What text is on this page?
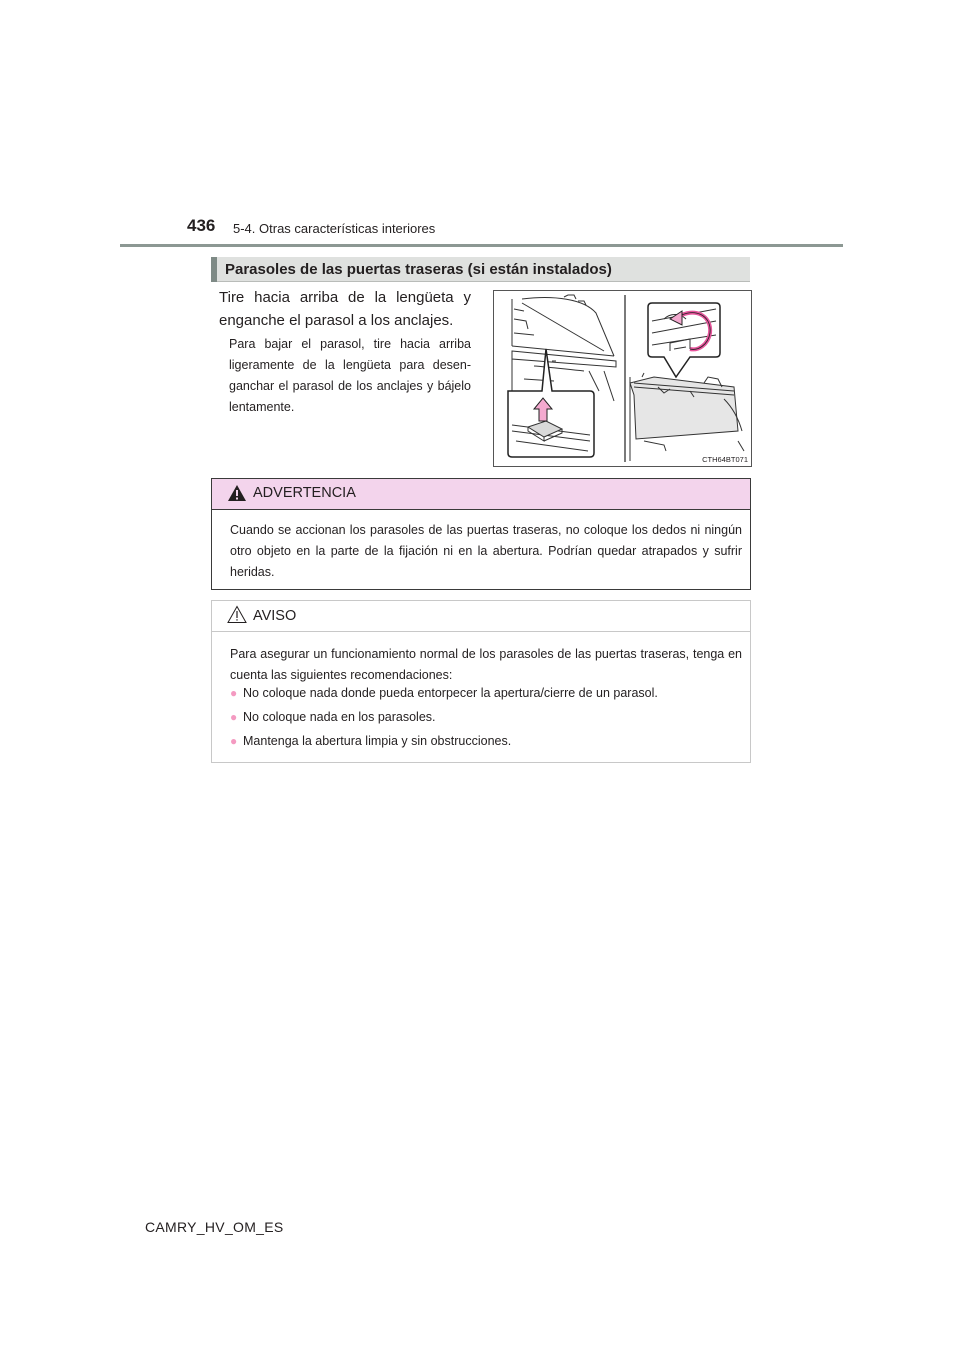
436 5-4. Otras características interiores
Parasoles de las puertas traseras (si están instalados)
Tire hacia arriba de la lengüeta y enganche el parasol a los anclajes.
Para bajar el parasol, tire hacia arriba ligeramente de la lengüeta para desenganchar el parasol de los anclajes y bájelo lentamente.
CTH64BT071
ADVERTENCIA
Cuando se accionan los parasoles de las puertas traseras, no coloque los dedos ni ningún otro objeto en la parte de la fijación ni en la abertura. Podrían quedar atrapados y sufrir heridas.
AVISO
Para asegurar un funcionamiento normal de los parasoles de las puertas traseras, tenga en cuenta las siguientes recomendaciones:
● No coloque nada donde pueda entorpecer la apertura/cierre de un parasol.
● No coloque nada en los parasoles.
● Mantenga la abertura limpia y sin obstrucciones.
CAMRY_HV_OM_ES
